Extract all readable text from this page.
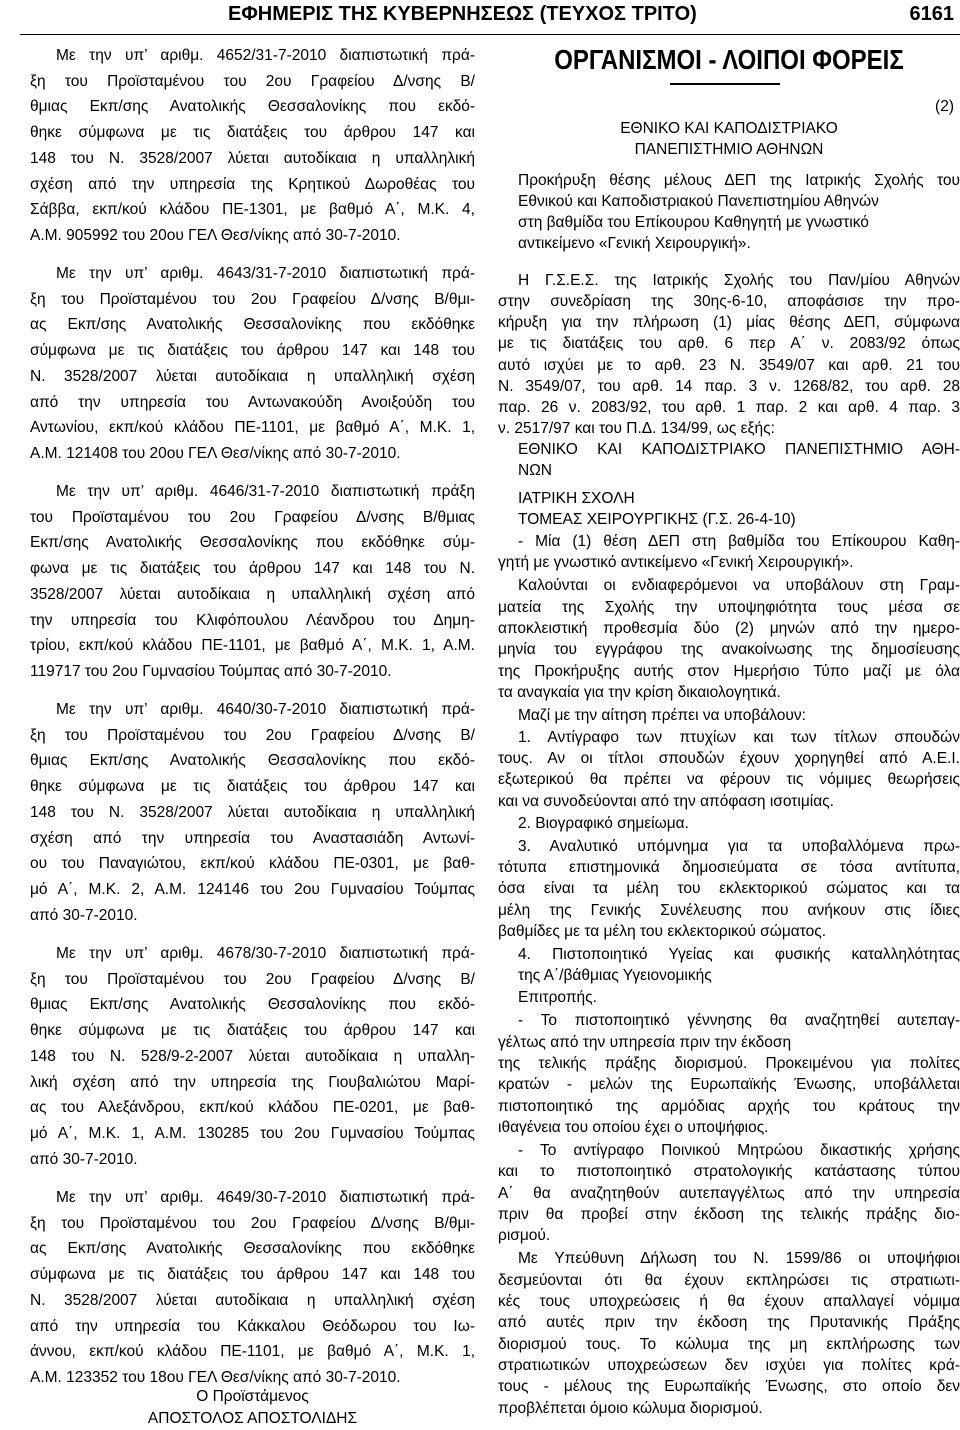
ΕΦΗΜΕΡΙΣ ΤΗΣ ΚΥΒΕΡΝΗΣΕΩΣ (ΤΕΥΧΟΣ ΤΡΙΤΟ)	6161
Με την υπ’ αριθμ. 4652/31-7-2010 διαπιστωτική πρά-
ξη του Προϊσταμένου του 2ου Γραφείου Δ/νσης Β/
θμιας Εκπ/σης Ανατολικής Θεσσαλονίκης που εκδό-
θηκε σύμφωνα με τις διατάξεις του άρθρου 147 και
148 του Ν. 3528/2007 λύεται αυτοδίκαια η υπαλληλική
σχέση από την υπηρεσία της Κρητικού Δωροθέας του
Σάββα, εκπ/κού κλάδου ΠΕ-1301, με βαθμό Α΄, Μ.Κ. 4,
Α.Μ. 905992 του 20ου ΓΕΛ Θεσ/νίκης από 30-7-2010.
Με την υπ’ αριθμ. 4643/31-7-2010 διαπιστωτική πρά-
ξη του Προϊσταμένου του 2ου Γραφείου Δ/νσης Β/θμι-
ας Εκπ/σης Ανατολικής Θεσσαλονίκης που εκδόθηκε
σύμφωνα με τις διατάξεις του άρθρου 147 και 148 του
Ν. 3528/2007 λύεται αυτοδίκαια η υπαλληλική σχέση
από την υπηρεσία του Αντωνακούδη Ανοιξούδη του
Αντωνίου, εκπ/κού κλάδου ΠΕ-1101, με βαθμό Α΄, Μ.Κ. 1,
Α.Μ. 121408 του 20ου ΓΕΛ Θεσ/νίκης από 30-7-2010.
Με την υπ’ αριθμ. 4646/31-7-2010 διαπιστωτική πράξη
του Προϊσταμένου του 2ου Γραφείου Δ/νσης Β/θμιας
Εκπ/σης Ανατολικής Θεσσαλονίκης που εκδόθηκε σύμ-
φωνα με τις διατάξεις του άρθρου 147 και 148 του Ν.
3528/2007 λύεται αυτοδίκαια η υπαλληλική σχέση από
την υπηρεσία του Κλιφόπουλου Λέανδρου του Δημη-
τρίου, εκπ/κού κλάδου ΠΕ-1101, με βαθμό Α΄, Μ.Κ. 1, Α.Μ.
119717 του 2ου Γυμνασίου Τούμπας από 30-7-2010.
Με την υπ’ αριθμ. 4640/30-7-2010 διαπιστωτική πρά-
ξη του Προϊσταμένου του 2ου Γραφείου Δ/νσης Β/
θμιας Εκπ/σης Ανατολικής Θεσσαλονίκης που εκδό-
θηκε σύμφωνα με τις διατάξεις του άρθρου 147 και
148 του Ν. 3528/2007 λύεται αυτοδίκαια η υπαλληλική
σχέση από την υπηρεσία του Αναστασιάδη Αντωνί-
ου του Παναγιώτου, εκπ/κού κλάδου ΠΕ-0301, με βαθ-
μό Α΄, Μ.Κ. 2, Α.Μ. 124146 του 2ου Γυμνασίου Τούμπας
από 30-7-2010.
Με την υπ’ αριθμ. 4678/30-7-2010 διαπιστωτική πρά-
ξη του Προϊσταμένου του 2ου Γραφείου Δ/νσης Β/
θμιας Εκπ/σης Ανατολικής Θεσσαλονίκης που εκδό-
θηκε σύμφωνα με τις διατάξεις του άρθρου 147 και
148 του Ν. 528/9-2-2007 λύεται αυτοδίκαια η υπαλλη-
λική σχέση από την υπηρεσία της Γιουβαλιώτου Μαρί-
ας του Αλεξάνδρου, εκπ/κού κλάδου ΠΕ-0201, με βαθ-
μό Α΄, Μ.Κ. 1, Α.Μ. 130285 του 2ου Γυμνασίου Τούμπας
από 30-7-2010.
Με την υπ’ αριθμ. 4649/30-7-2010 διαπιστωτική πρά-
ξη του Προϊσταμένου του 2ου Γραφείου Δ/νσης Β/θμι-
ας Εκπ/σης Ανατολικής Θεσσαλονίκης που εκδόθηκε
σύμφωνα με τις διατάξεις του άρθρου 147 και 148 του
Ν. 3528/2007 λύεται αυτοδίκαια η υπαλληλική σχέση
από την υπηρεσία του Κάκκαλου Θεόδωρου του Ιω-
άννου, εκπ/κού κλάδου ΠΕ-1101, με βαθμό Α΄, Μ.Κ. 1,
Α.Μ. 123352 του 18ου ΓΕΛ Θεσ/νίκης από 30-7-2010.
Ο Προϊστάμενος
ΑΠΟΣΤΟΛΟΣ ΑΠΟΣΤΟΛΙΔΗΣ
ΟΡΓΑΝΙΣΜΟΙ - ΛΟΙΠΟΙ ΦΟΡΕΙΣ
(2)
ΕΘΝΙΚΟ ΚΑΙ ΚΑΠΟΔΙΣΤΡΙΑΚΟ
ΠΑΝΕΠΙΣΤΗΜΙΟ ΑΘΗΝΩΝ
Προκήρυξη θέσης μέλους ΔΕΠ της Ιατρικής Σχολής του
Εθνικού και Καποδιστριακού Πανεπιστημίου Αθηνών
στη βαθμίδα του Επίκουρου Καθηγητή με γνωστικό
αντικείμενο «Γενική Χειρουργική».
Η Γ.Σ.Ε.Σ. της Ιατρικής Σχολής του Παν/μίου Αθηνών
στην συνεδρίαση της 30ης-6-10, αποφάσισε την προ-
κήρυξη για την πλήρωση (1) μίας θέσης ΔΕΠ, σύμφωνα
με τις διατάξεις του αρθ. 6 περ Α΄ ν. 2083/92 όπως
αυτό ισχύει με το αρθ. 23 Ν. 3549/07 και αρθ. 21 του
Ν. 3549/07, του αρθ. 14 παρ. 3 ν. 1268/82, του αρθ. 28
παρ. 26 ν. 2083/92, του αρθ. 1 παρ. 2 και αρθ. 4 παρ. 3
ν. 2517/97 και του Π.Δ. 134/99, ως εξής:
ΕΘΝΙΚΟ ΚΑΙ ΚΑΠΟΔΙΣΤΡΙΑΚΟ ΠΑΝΕΠΙΣΤΗΜΙΟ ΑΘΗ-
ΝΩΝ
ΙΑΤΡΙΚΗ ΣΧΟΛΗ
ΤΟΜΕΑΣ ΧΕΙΡΟΥΡΓΙΚΗΣ (Γ.Σ. 26-4-10)
- Μία (1) θέση ΔΕΠ στη βαθμίδα του Επίκουρου Καθη-
γητή με γνωστικό αντικείμενο «Γενική Χειρουργική».
Καλούνται οι ενδιαφερόμενοι να υποβάλουν στη Γραμ-
ματεία της Σχολής την υποψηφιότητα τους μέσα σε
αποκλειστική προθεσμία δύο (2) μηνών από την ημερο-
μηνία του εγγράφου της ανακοίνωσης της δημοσίευσης
της Προκήρυξης αυτής στον Ημερήσιο Τύπο μαζί με όλα
τα αναγκαία για την κρίση δικαιολογητικά.
Μαζί με την αίτηση πρέπει να υποβάλουν:
1. Αντίγραφο των πτυχίων και των τίτλων σπουδών
τους. Αν οι τίτλοι σπουδών έχουν χορηγηθεί από Α.Ε.Ι.
εξωτερικού θα πρέπει να φέρουν τις νόμιμες θεωρήσεις
και να συνοδεύονται από την απόφαση ισοτιμίας.
2. Βιογραφικό σημείωμα.
3. Αναλυτικό υπόμνημα για τα υποβαλλόμενα πρω-
τότυπα επιστημονικά δημοσιεύματα σε τόσα αντίτυπα,
όσα είναι τα μέλη του εκλεκτορικού σώματος και τα
μέλη της Γενικής Συνέλευσης που ανήκουν στις ίδιες
βαθμίδες με τα μέλη του εκλεκτορικού σώματος.
4. Πιστοποιητικό Υγείας και φυσικής καταλληλότητας
της Α΄/βάθμιας Υγειονομικής
Επιτροπής.
- Το πιστοποιητικό γέννησης θα αναζητηθεί αυτεπαγ-
γέλτως από την υπηρεσία πριν την έκδοση
της τελικής πράξης διορισμού. Προκειμένου για πολίτες
κρατών - μελών της Ευρωπαϊκής Ένωσης, υποβάλλεται
πιστοποιητικό της αρμόδιας αρχής του κράτους την
ιθαγένεια του οποίου έχει ο υποψήφιος.
- Το αντίγραφο Ποινικού Μητρώου δικαστικής χρήσης
και το πιστοποιητικό στρατολογικής κατάστασης τύπου
Α΄ θα αναζητηθούν αυτεπαγγέλτως από την υπηρεσία
πριν θα προβεί στην έκδοση της τελικής πράξης διο-
ρισμού.
Με Υπεύθυνη Δήλωση του Ν. 1599/86 οι υποψήφιοι
δεσμεύονται ότι θα έχουν εκπληρώσει τις στρατιωτι-
κές τους υποχρεώσεις ή θα έχουν απαλλαγεί νόμιμα
από αυτές πριν την έκδοση της Πρυτανικής Πράξης
διορισμού τους. Το κώλυμα της μη εκπλήρωσης των
στρατιωτικών υποχρεώσεων δεν ισχύει για πολίτες κρά-
τους - μέλους της Ευρωπαϊκής Ένωσης, στο οποίο δεν
προβλέπεται όμοιο κώλυμα διορισμού.
